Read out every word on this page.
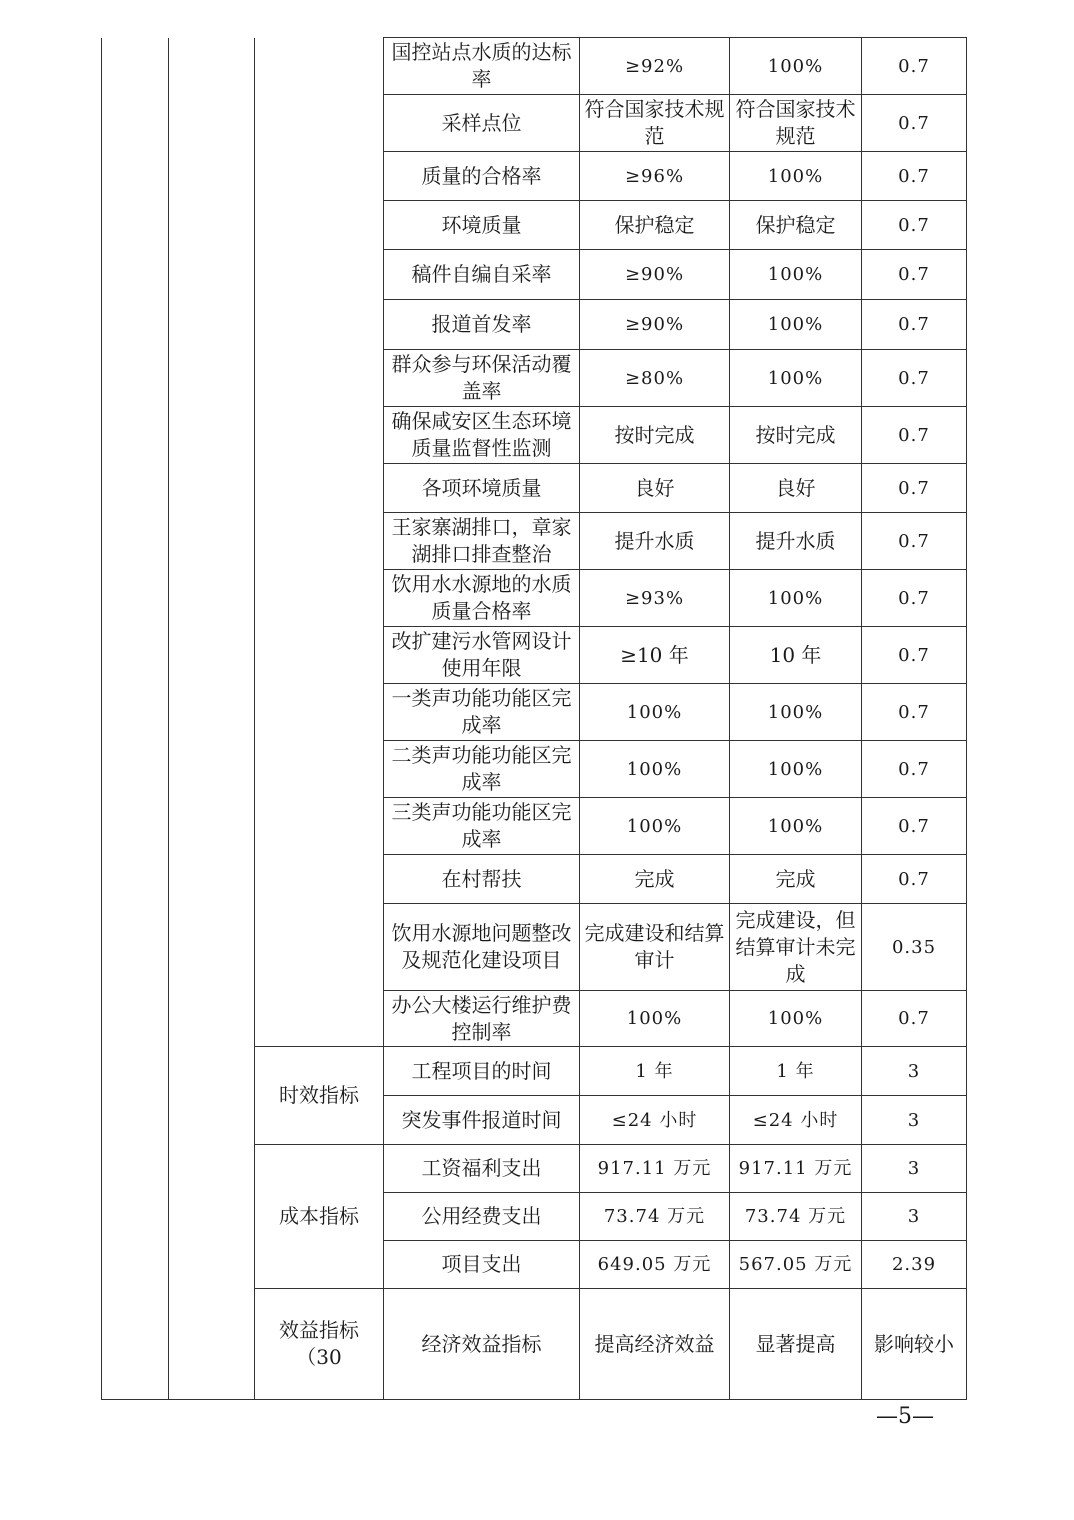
			国控站点水质的达标率	≥92%	100%	0.7	
			采样点位	符合国家技术规范	符合国家技术规范	0.7	
			质量的合格率	≥96%	100%	0.7	
			环境质量	保护稳定	保护稳定	0.7	
			稿件自编自采率	≥90%	100%	0.7	
			报道首发率	≥90%	100%	0.7	
			群众参与环保活动覆盖率	≥80%	100%	0.7	
			确保咸安区生态环境质量监督性监测	按时完成	按时完成	0.7	
			各项环境质量	良好	良好	0.7	
			王家寨湖排口，章家湖排口排查整治	提升水质	提升水质	0.7	
			饮用水水源地的水质质量合格率	≥93%	100%	0.7	
			改扩建污水管网设计使用年限	≥10 年	10 年	0.7	
			一类声功能功能区完成率	100%	100%	0.7	
			二类声功能功能区完成率	100%	100%	0.7	
			三类声功能功能区完成率	100%	100%	0.7	
			在村帮扶	完成	完成	0.7	
			饮用水源地问题整改及规范化建设项目	完成建设和结算审计	完成建设，但结算审计未完成	0.35	
			办公大楼运行维护费控制率	100%	100%	0.7	
		时效指标	工程项目的时间	1 年	1 年	3	
			突发事件报道时间	≤24 小时	≤24 小时	3	
		成本指标	工资福利支出	917.11 万元	917.11 万元	3	
			公用经费支出	73.74 万元	73.74 万元	3	
			项目支出	649.05 万元	567.05 万元	2.39	
		效益指标（30	经济效益指标	提高经济效益	显著提高	影响较小	
—5—
